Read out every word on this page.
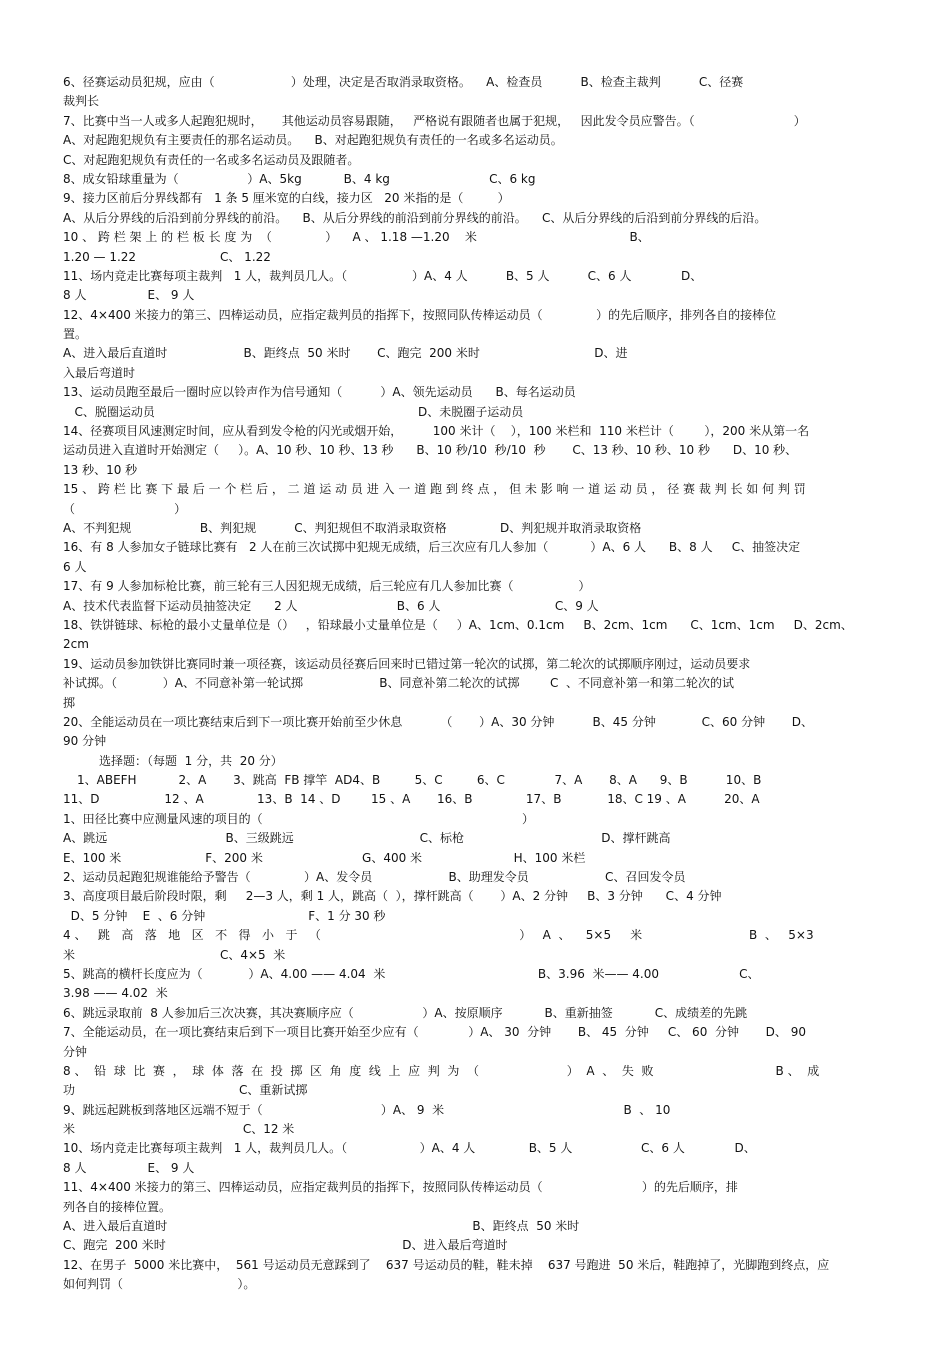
6、径赛运动员犯规，应由（                    ）处理，决定是否取消录取资格。    A、检查员          B、检查主裁判          C、径赛
裁判长
7、比赛中当一人或多人起跑犯规时，     其他运动员容易跟随，   严格说有跟随者也属于犯规，   因此发令员应警告。（                          ）
A、对起跑犯规负有主要责任的那名运动员。    B、对起跑犯规负有责任的一名或多名运动员。
C、对起跑犯规负有责任的一名或多名运动员及跟随者。
8、成女铅球重量为（                  ）A、5kg           B、4 kg                          C、6 kg
9、接力区前后分界线都有   1 条 5 厘米宽的白线，接力区   20 米指的是（         ）
A、从后分界线的后沿到前分界线的前沿。    B、从后分界线的前沿到前分界线的前沿。    C、从后分界线的后沿到前分界线的后沿。
10 、 跨 栏 架 上 的 栏 板 长 度 为  （              ）    A 、 1.18 —1.20    米                                        B、
1.20 — 1.22                      C、 1.22
11、场内竞走比赛每项主裁判   1 人，裁判员几人。（                 ）A、4 人          B、5 人          C、6 人             D、
8 人                E、 9 人
12、4×400 米接力的第三、四棒运动员，应指定裁判员的指挥下，按照同队传棒运动员（              ）的先后顺序，排列各自的接棒位
置。
A、进入最后直道时                    B、距终点  50 米时       C、跑完  200 米时                              D、进
入最后弯道时
13、运动员跑至最后一圈时应以铃声作为信号通知（          ）A、领先运动员      B、每名运动员
C、脱圈运动员                                                                     D、未脱圈子运动员
14、径赛项目风速测定时间，应从看到发令枪的闪光或烟开始，        100 米计（    ），100 米栏和  110 米栏计（        ），200 米从第一名
运动员进入直道时开始测定（     ）。A、10 秒、10 秒、13 秒      B、10 秒/10  秒/10  秒       C、13 秒、10 秒、10 秒      D、10 秒、
13 秒、10 秒
15 、 跨 栏 比 赛 下 最 后 一 个 栏 后 ， 二 道 运 动 员 进 入 一 道 跑 到 终 点 ， 但 未 影 响 一 道 运 动 员 ， 径 赛 裁 判 长 如 何 判 罚
（                          ）
A、不判犯规                  B、判犯规          C、判犯规但不取消录取资格              D、判犯规并取消录取资格
16、有 8 人参加女子链球比赛有   2 人在前三次试掷中犯规无成绩，后三次应有几人参加（           ）A、6 人      B、8 人     C、抽签决定
6 人
17、有 9 人参加标枪比赛，前三轮有三人因犯规无成绩，后三轮应有几人参加比赛（                 ）
A、技术代表监督下运动员抽签决定      2 人                          B、6 人                              C、9 人
18、铁饼链球、标枪的最小丈量单位是（）   ，铅球最小丈量单位是（     ）A、1cm、0.1cm     B、2cm、1cm      C、1cm、1cm     D、2cm、
2cm
19、运动员参加铁饼比赛同时兼一项径赛，该运动员径赛后回来时已错过第一轮次的试掷，第二轮次的试掷顺序刚过，运动员要求
补试掷。（            ）A、不同意补第一轮试掷                    B、同意补第二轮次的试掷        C  、不同意补第一和第二轮次的试
掷
20、全能运动员在一项比赛结束后到下一项比赛开始前至少休息          （       ）A、30 分钟          B、45 分钟            C、60 分钟       D、
90 分钟
选择题：（每题  1 分，共  20 分）
1、ABEFH           2、A       3、跳高  FB 撑竿  AD4、B         5、C         6、C             7、A       8、A      9、B          10、B
11、D                 12 、A              13、B  14 、D        15 、A       16、B              17、B            18、C 19 、A          20、A
1、田径比赛中应测量风速的项目的（                                                                    ）
A、跳远                               B、三级跳远                                 C、标枪                                    D、撑杆跳高
E、100 米                      F、200 米                          G、400 米                        H、100 米栏
2、运动员起跑犯规谁能给予警告（              ）A、发令员                    B、助理发令员                    C、召回发令员
3、高度项目最后阶段时限，剩     2—3 人，剩 1 人，跳高（  ），撑杆跳高（       ）A、2 分钟     B、3 分钟      C、4 分钟
D、5 分钟    E  、6 分钟                           F、1 分 30 秒
4 、   跳   高   落   地   区   不   得   小   于   （                                                    ）   A  、    5×5     米                            B  、   5×3
米                                      C、4×5  米
5、跳高的横杆长度应为（            ）A、4.00 —— 4.04  米                                        B、3.96  米—— 4.00                     C、
3.98 —— 4.02  米
6、跳远录取前  8 人参加后三次决赛，其决赛顺序应（                  ）A、按原顺序           B、重新抽签           C、成绩差的先跳
7、全能运动员，在一项比赛结束后到下一项目比赛开始至少应有（             ）A、 30  分钟       B、 45  分钟     C、 60  分钟       D、 90
分钟
8 、  铅  球  比  赛  ，  球  体  落  在  投  掷  区  角  度  线  上  应  判  为  （                       ）  A  、  失  败                                B 、  成
功                                           C、重新试掷
9、跳远起跳板到落地区远端不短于（                               ）A、 9  米                                               B  、 10
米                                            C、12 米
10、场内竞走比赛每项主裁判   1 人，裁判员几人。（                   ）A、4 人              B、5 人                  C、6 人             D、
8 人                E、 9 人
11、4×400 米接力的第三、四棒运动员，应指定裁判员的指挥下，按照同队传棒运动员（                          ）的先后顺序，排
列各自的接棒位置。
A、进入最后直道时                                                                                B、距终点  50 米时
C、跑完  200 米时                                                              D、进入最后弯道时
12、在男子  5000 米比赛中，  561 号运动员无意踩到了    637 号运动员的鞋，鞋未掉    637 号跑进  50 米后，鞋跑掉了，光脚跑到终点，应
如何判罚（                              ）。
